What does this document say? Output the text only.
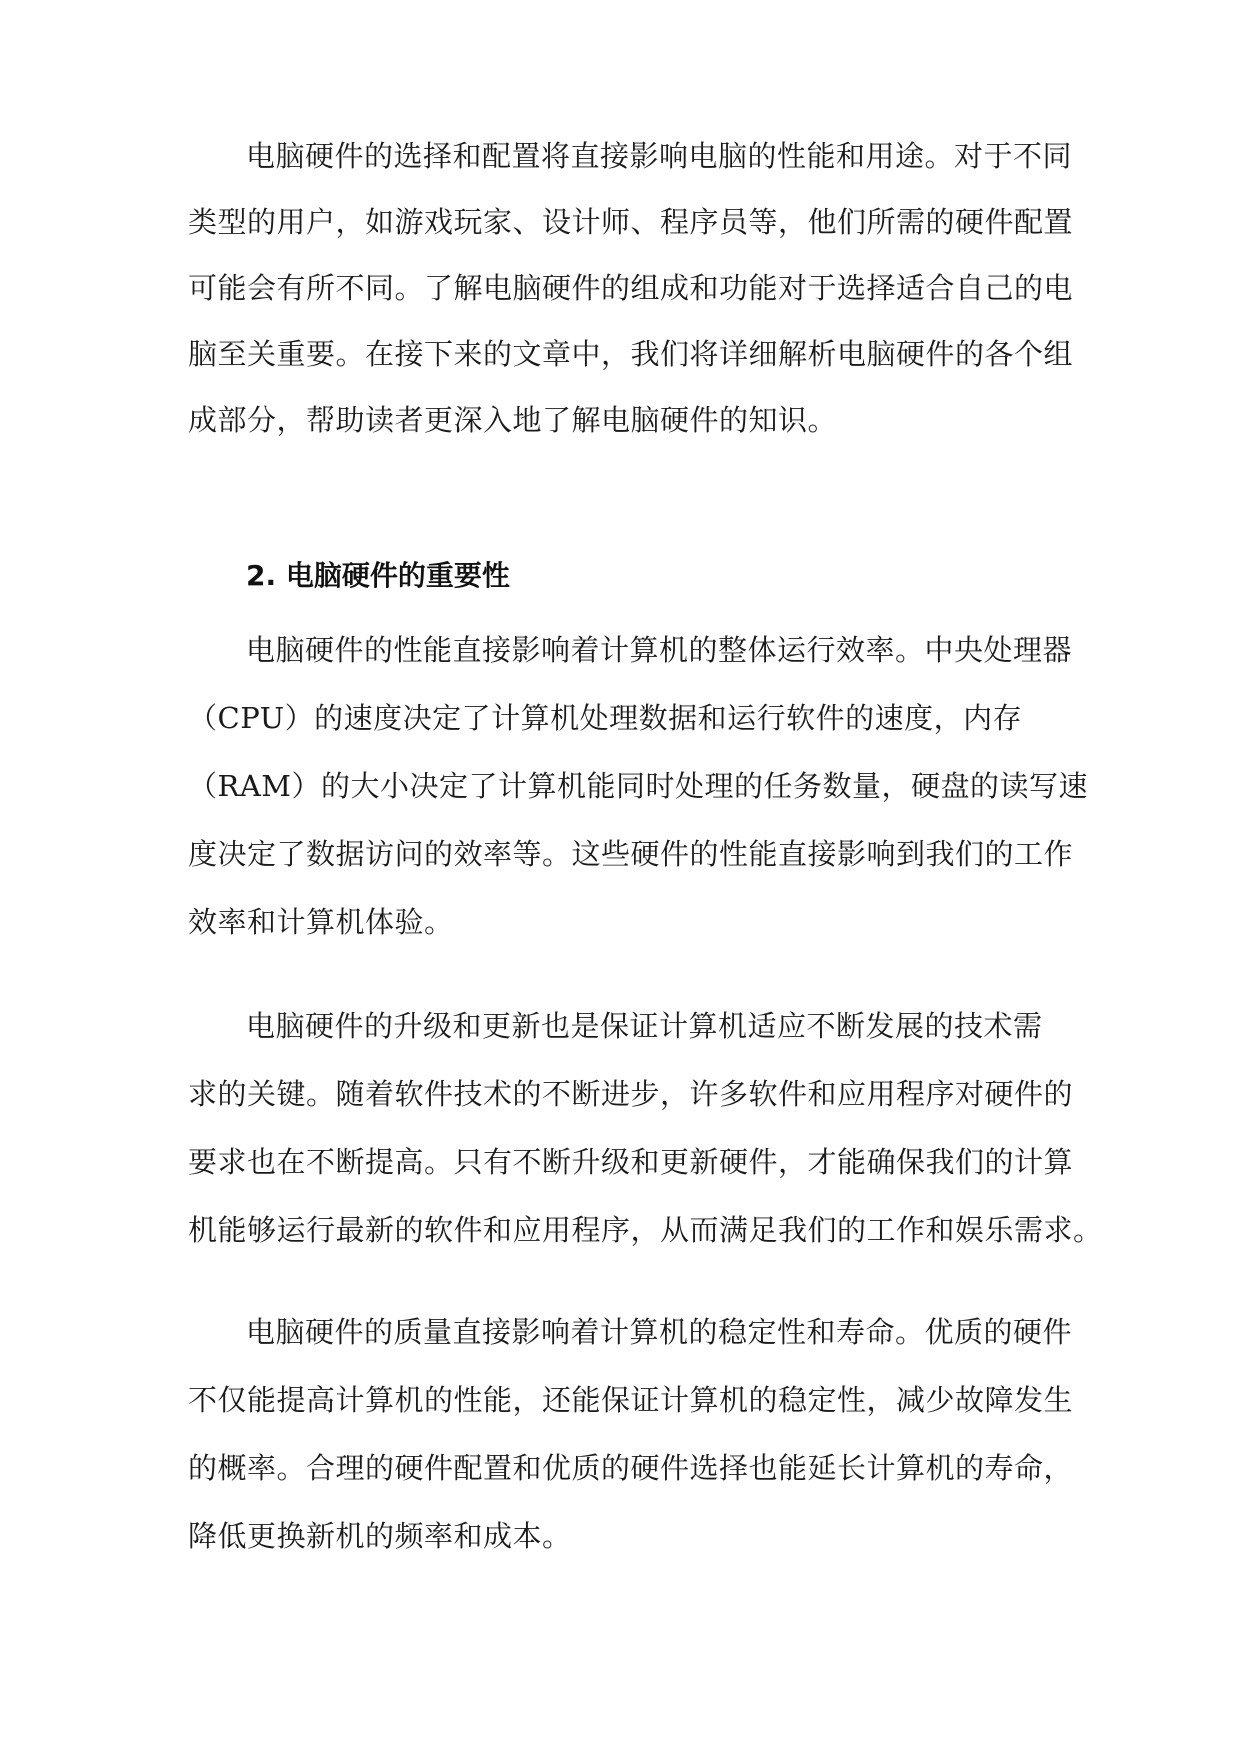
电脑硬件的选择和配置将直接影响电脑的性能和用途。对于不同
类型的用户，如游戏玩家、设计师、程序员等，他们所需的硬件配置
可能会有所不同。了解电脑硬件的组成和功能对于选择适合自己的电
脑至关重要。在接下来的文章中，我们将详细解析电脑硬件的各个组
成部分，帮助读者更深入地了解电脑硬件的知识。
2. 电脑硬件的重要性
电脑硬件的性能直接影响着计算机的整体运行效率。中央处理器
（CPU）的速度决定了计算机处理数据和运行软件的速度，内存
（RAM）的大小决定了计算机能同时处理的任务数量，硬盘的读写速
度决定了数据访问的效率等。这些硬件的性能直接影响到我们的工作
效率和计算机体验。
电脑硬件的升级和更新也是保证计算机适应不断发展的技术需
求的关键。随着软件技术的不断进步，许多软件和应用程序对硬件的
要求也在不断提高。只有不断升级和更新硬件，才能确保我们的计算
机能够运行最新的软件和应用程序，从而满足我们的工作和娱乐需求。
电脑硬件的质量直接影响着计算机的稳定性和寿命。优质的硬件
不仅能提高计算机的性能，还能保证计算机的稳定性，减少故障发生
的概率。合理的硬件配置和优质的硬件选择也能延长计算机的寿命，
降低更换新机的频率和成本。
